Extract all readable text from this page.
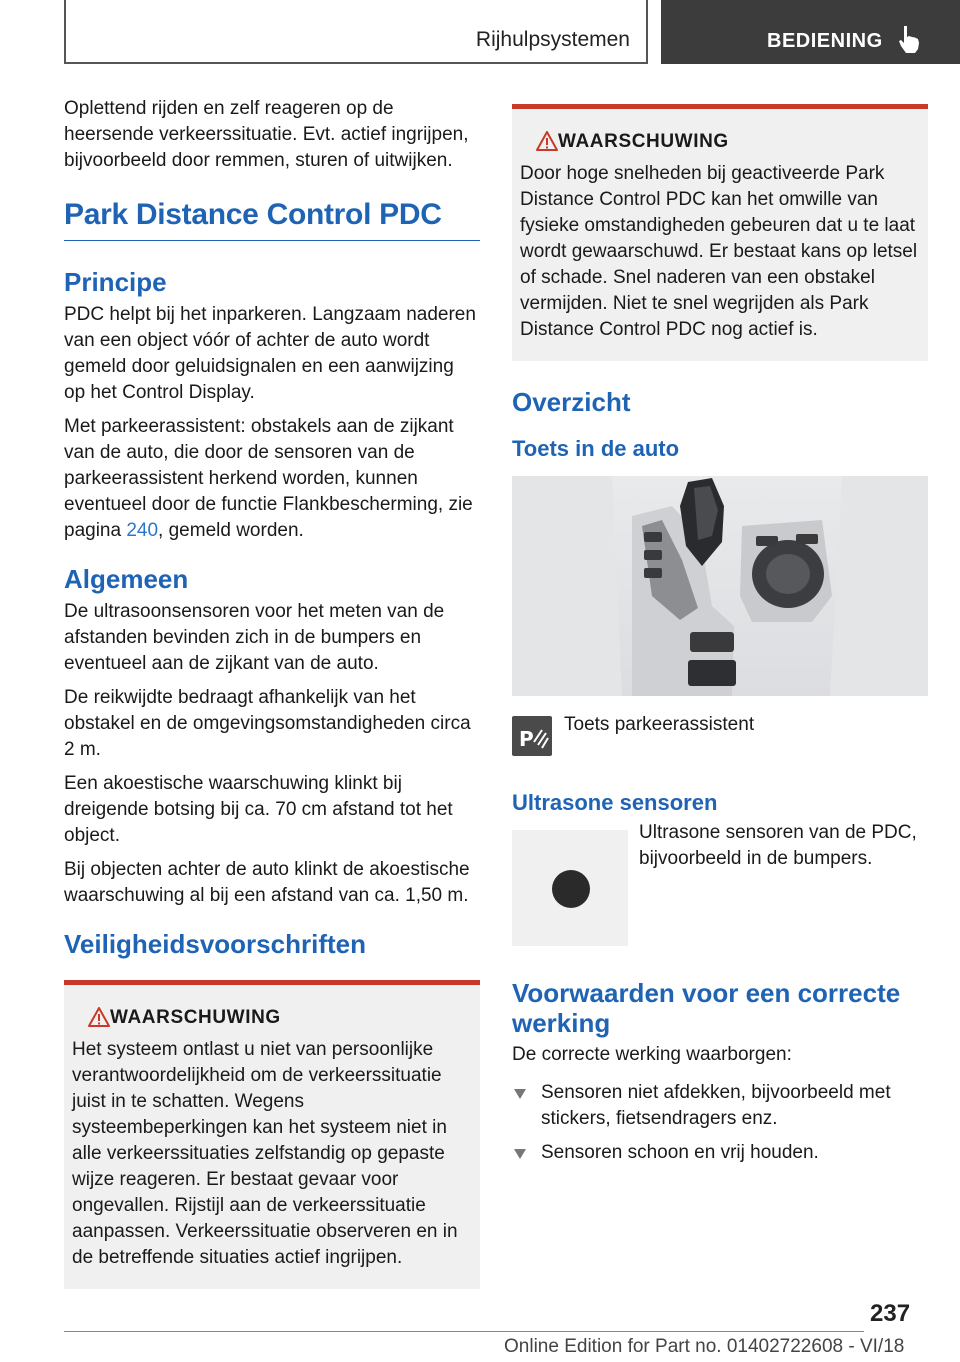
Rijhulpsystemen	BEDIENING

Oplettend rijden en zelf reageren op de heersende verkeerssituatie. Evt. actief ingrijpen, bijvoorbeeld door remmen, sturen of uitwijken.

Park Distance Control PDC
Principe

PDC helpt bij het inparkeren. Langzaam naderen van een object vóór of achter de auto wordt gemeld door geluidsignalen en een aanwijzing op het Control Display.

Met parkeerassistent: obstakels aan de zijkant van de auto, die door de sensoren van de parkeerassistent herkend worden, kunnen eventueel door de functie Flankbescherming, zie pagina 240, gemeld worden.

Algemeen

De ultrasoonsensoren voor het meten van de afstanden bevinden zich in de bumpers en eventueel aan de zijkant van de auto.

De reikwijdte bedraagt afhankelijk van het obstakel en de omgevingsomstandigheden circa 2 m.

Een akoestische waarschuwing klinkt bij dreigende botsing bij ca. 70 cm afstand tot het object.

Bij objecten achter de auto klinkt de akoestische waarschuwing al bij een afstand van ca. 1,50 m.

Veiligheidsvoorschriften
WAARSCHUWING

Het systeem ontlast u niet van persoonlijke verantwoordelijkheid om de verkeerssituatie juist in te schatten. Wegens systeembeperkingen kan het systeem niet in alle verkeerssituaties zelfstandig op gepaste wijze reageren. Er bestaat gevaar voor ongevallen. Rijstijl aan de verkeerssituatie aanpassen. Verkeerssituatie observeren en in de betreffende situaties actief ingrijpen.

WAARSCHUWING

Door hoge snelheden bij geactiveerde Park Distance Control PDC kan het omwille van fysieke omstandigheden gebeuren dat u te laat wordt gewaarschuwd. Er bestaat kans op letsel of schade. Snel naderen van een obstakel vermijden. Niet te snel wegrijden als Park Distance Control PDC nog actief is.

Overzicht
Toets in de auto
P
Toets parkeerassistent
Ultrasone sensoren

Ultrasone sensoren van de PDC, bijvoorbeeld in de bumpers.

Voorwaarden voor een correcte werking

De correcte werking waarborgen:

Sensoren niet afdekken, bijvoorbeeld met stickers, fietsendragers enz.
Sensoren schoon en vrij houden.
237
Online Edition for Part no. 01402722608 - VI/18
